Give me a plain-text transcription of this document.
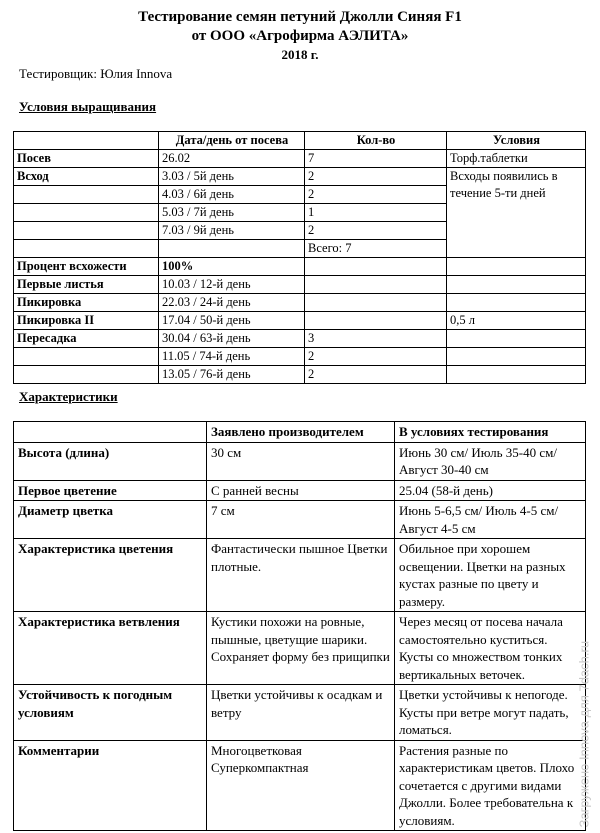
Тестирование семян петуний Джолли Синяя F1
от ООО «Агрофирма АЭЛИТА»
2018 г.
Тестировщик: Юлия Innova
Условия выращивания
	Дата/день от посева	Кол-во	Условия
Посев	26.02	7	Торф.таблетки
Всход	3.03 / 5й день	2	Всходы появились в течение 5-ти дней
	4.03 / 6й день	2	
	5.03 / 7й день	1	
	7.03 / 9й день	2	
		Всего: 7	
Процент всхожести	100%		
Первые листья	10.03 / 12-й день		
Пикировка	22.03 / 24-й день		
Пикировка II	17.04 / 50-й день		0,5 л
Пересадка	30.04 / 63-й день	3	
	11.05 / 74-й день	2	
	13.05 / 76-й день	2	
Характеристики
	Заявлено производителем	В условиях тестирования
Высота (длина)	30 см	Июнь 30 см/ Июль 35-40 см/ Август 30-40 см
Первое цветение	С ранней весны	25.04 (58-й день)
Диаметр цветка	7 см	Июнь 5-6,5 см/ Июль 4-5 см/ Август 4-5 см
Характеристика цветения	Фантастически пышное Цветки плотные.	Обильное при хорошем освещении. Цветки на разных кустах разные по цвету и размеру.
Характеристика ветвления	Кустики похожи на ровные, пышные, цветущие шарики. Сохраняет форму без прищипки	Через месяц от посева начала самостоятельно куститься. Кусты со множеством тонких вертикальных веточек.
Устойчивость к погодным условиям	Цветки устойчивы к осадкам и ветру	Цветки устойчивы к непогоде. Кусты при ветре могут падать, ломаться.
Комментарии	Многоцветковая Суперкомпактная	Растения разные по характеристикам цветов. Плохо сочетается с другими видами Джолли. Более требовательна к условиям.	Загружено Innova для 7dach.ru
